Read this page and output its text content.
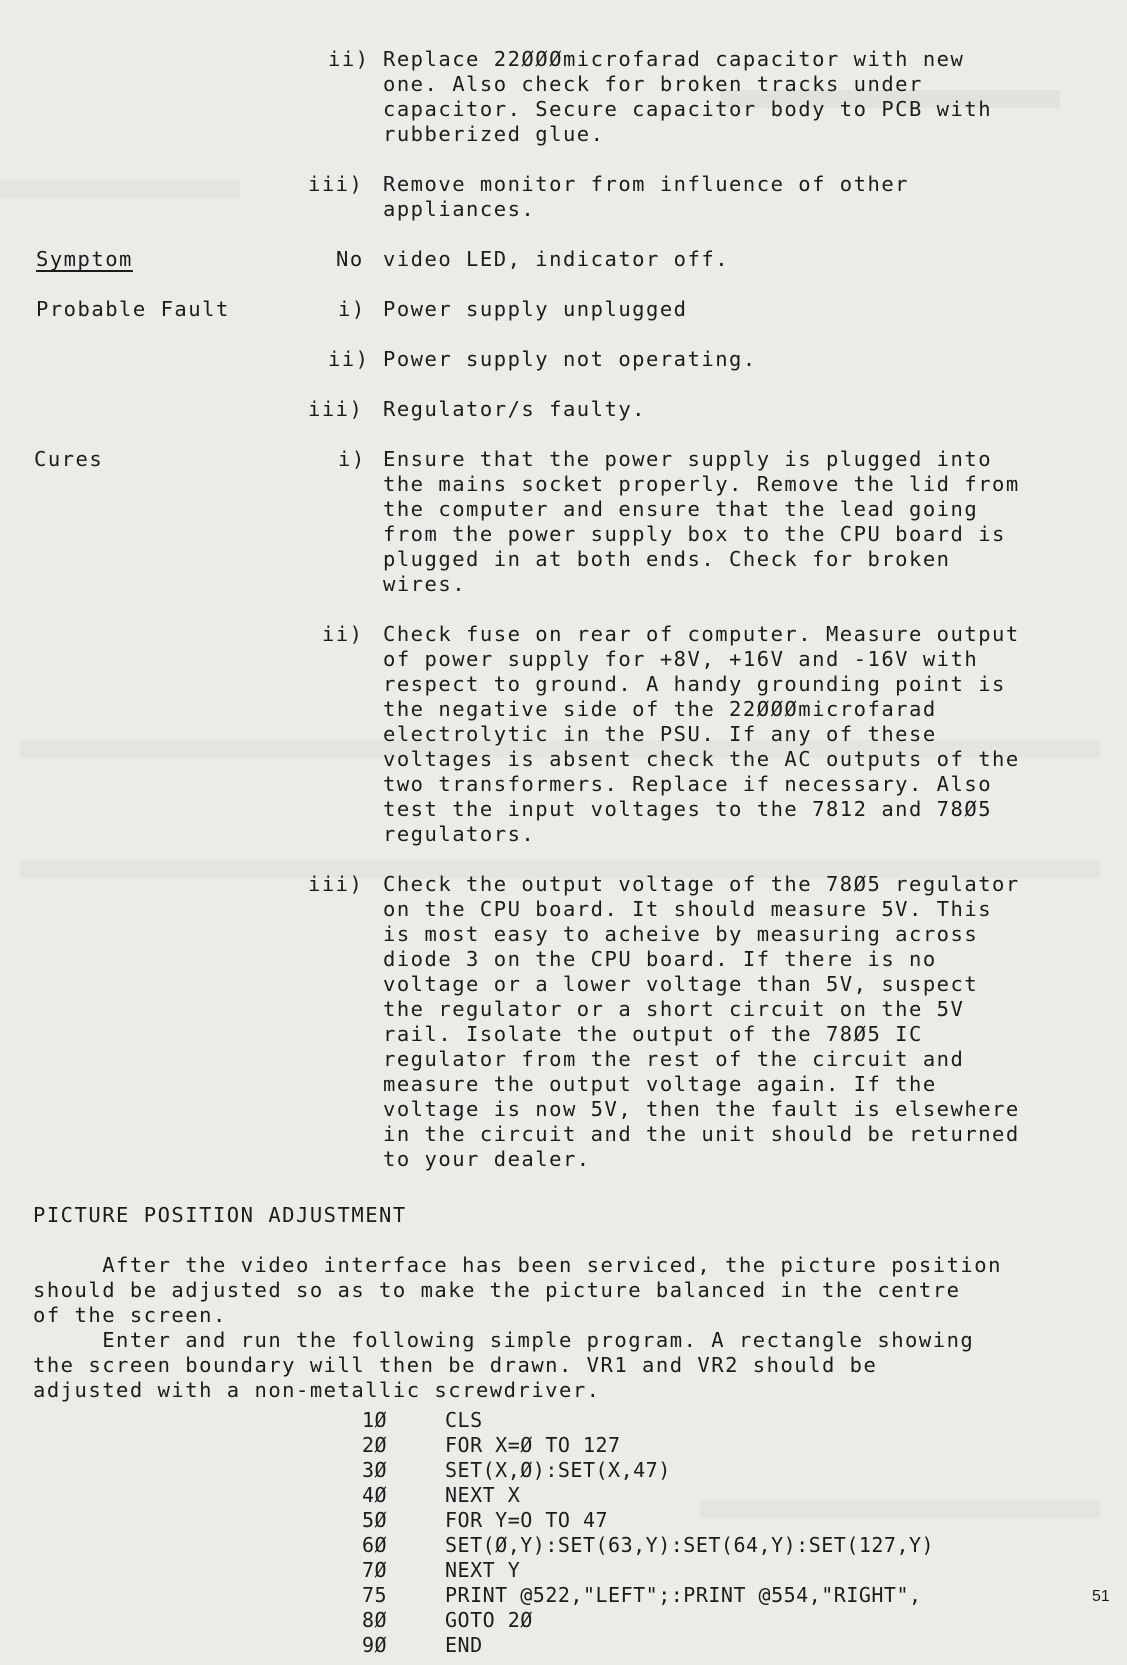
ii) Replace 22ØØØmicrofarad capacitor with new
one. Also check for broken tracks under
capacitor. Secure capacitor body to PCB with
rubberized glue.
iii) Remove monitor from influence of other
appliances.
Symptom	No video LED, indicator off.
Probable Fault	i) Power supply unplugged
ii) Power supply not operating.
iii) Regulator/s faulty.
Cures	i) Ensure that the power supply is plugged into
the mains socket properly. Remove the lid from
the computer and ensure that the lead going
from the power supply box to the CPU board is
plugged in at both ends. Check for broken
wires.
ii) Check fuse on rear of computer. Measure output
of power supply for +8V, +16V and -16V with
respect to ground. A handy grounding point is
the negative side of the 22ØØØmicrofarad
electrolytic in the PSU. If any of these
voltages is absent check the AC outputs of the
two transformers. Replace if necessary. Also
test the input voltages to the 7812 and 78Ø5
regulators.
iii) Check the output voltage of the 78Ø5 regulator
on the CPU board. It should measure 5V. This
is most easy to acheive by measuring across
diode 3 on the CPU board. If there is no
voltage or a lower voltage than 5V, suspect
the regulator or a short circuit on the 5V
rail. Isolate the output of the 78Ø5 IC
regulator from the rest of the circuit and
measure the output voltage again. If the
voltage is now 5V, then the fault is elsewhere
in the circuit and the unit should be returned
to your dealer.
PICTURE POSITION ADJUSTMENT
After the video interface has been serviced, the picture position
should be adjusted so as to make the picture balanced in the centre
of the screen.
Enter and run the following simple program. A rectangle showing
the screen boundary will then be drawn. VR1 and VR2 should be
adjusted with a non-metallic screwdriver.
1Ø	CLS
2Ø	FOR X=Ø TO 127
3Ø	SET(X,Ø):SET(X,47)
4Ø	NEXT X
5Ø	FOR Y=O TO 47
6Ø	SET(Ø,Y):SET(63,Y):SET(64,Y):SET(127,Y)
7Ø	NEXT Y
75	PRINT @522,"LEFT";:PRINT @554,"RIGHT",
8Ø	GOTO 2Ø
9Ø	END
51
